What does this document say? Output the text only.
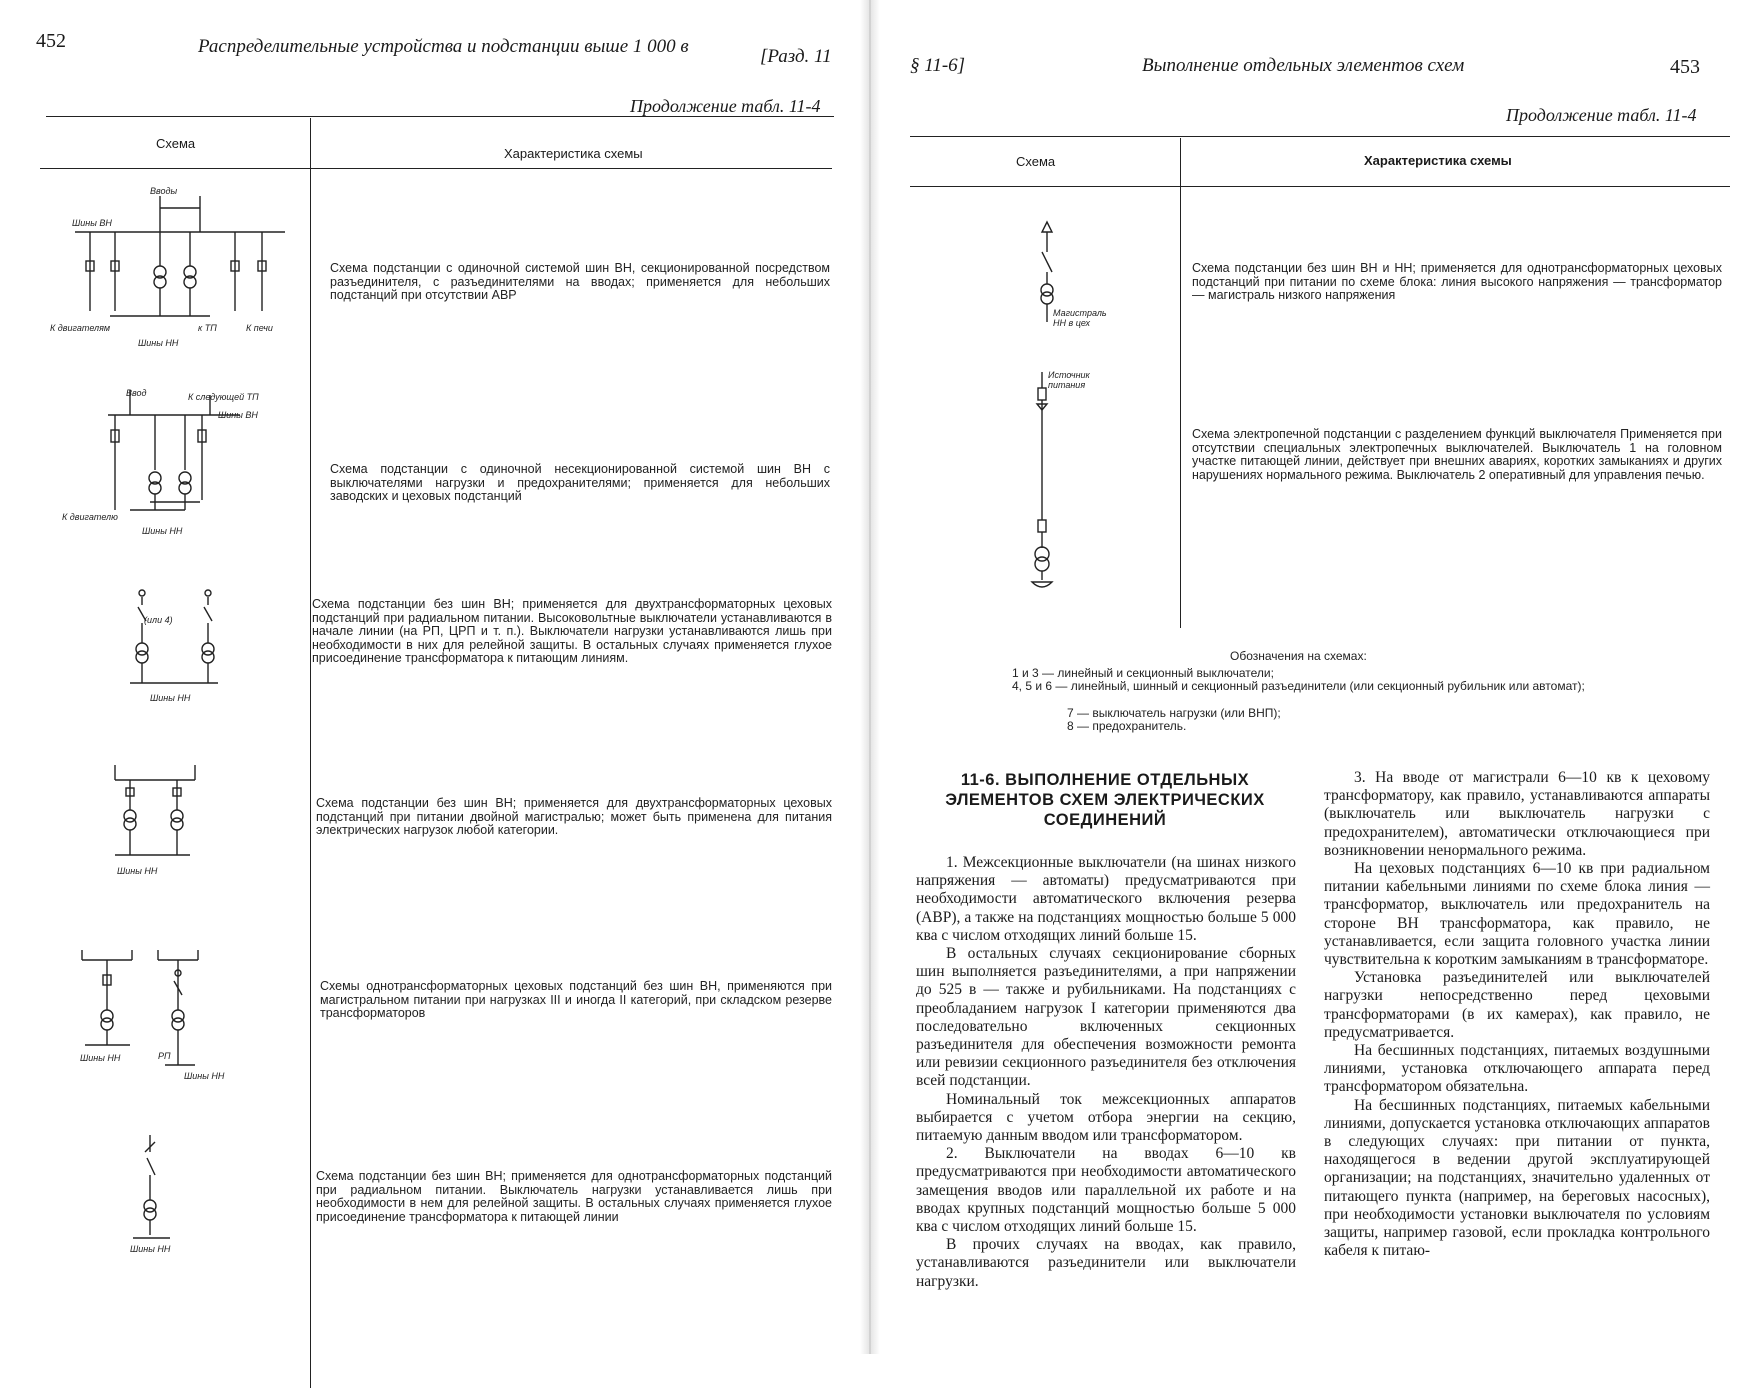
452	Распределительные устройства и подстанции выше 1 000 в	[Разд. 11
Продолжение табл. 11-4
Схема
Характеристика схемы
Вводы
Шины ВН
К двигателям	к ТП	К печи
Шины НН
Схема подстанции с одиночной системой шин ВН, секционированной посредством разъединителя, с разъединителями на вводах; применяется для небольших подстанций при отсутствии АВР
Ввод	К следующей ТП
Шины ВН
К двигателю
Шины НН
Схема подстанции с одиночной несекционированной системой шин ВН с выключателями нагрузки и предохранителями; применяется для небольших заводских и цеховых подстанций
(или 4)
Шины НН
Схема подстанции без шин ВН; применяется для двухтрансформаторных цеховых подстанций при радиальном питании. Высоковольтные выключатели устанавливаются в начале линии (на РП, ЦРП и т. п.). Выключатели нагрузки устанавливаются лишь при необходимости в них для релейной защиты. В остальных случаях применяется глухое присоединение трансформатора к питающим линиям.
Шины НН
Схема подстанции без шин ВН; применяется для двухтрансформаторных цеховых подстанций при питании двойной магистралью; может быть применена для питания электрических нагрузок любой категории.
Шины НН	РП
Шины НН
Схемы однотрансформаторных цеховых подстанций без шин ВН, применяются при магистральном питании при нагрузках III и иногда II категорий, при складском резерве трансформаторов
Шины НН
Схема подстанции без шин ВН; применяется для однотрансформаторных подстанций при радиальном питании. Выключатель нагрузки устанавливается лишь при необходимости в нем для релейной защиты. В остальных случаях применяется глухое присоединение трансформатора к питающей линии
§ 11-6]	Выполнение отдельных элементов схем	453
Продолжение табл. 11-4
Схема	Характеристика схемы
Магистраль
НН в цех
Схема подстанции без шин ВН и НН; применяется для однотрансформаторных цеховых подстанций при питании по схеме блока: линия высокого напряжения — трансформатор — магистраль низкого напряжения
Источник
питания
Схема электропечной подстанции с разделением функций выключателя Применяется при отсутствии специальных электропечных выключателей. Выключатель 1 на головном участке питающей линии, действует при внешних авариях, коротких замыканиях и других нарушениях нормального режима. Выключатель 2 оперативный для управления печью.
Обозначения на схемах:
1 и 3 — линейный и секционный выключатели;
4, 5 и 6 — линейный, шинный и секционный разъединители (или секционный рубильник или автомат);
7 — выключатель нагрузки (или ВНП);
8 — предохранитель.
11-6. ВЫПОЛНЕНИЕ ОТДЕЛЬНЫХ ЭЛЕМЕНТОВ СХЕМ ЭЛЕКТРИЧЕСКИХ СОЕДИНЕНИЙ

1. Межсекционные выключатели (на шинах низкого напряжения — автоматы) предусматриваются при необходимости автоматического включения резерва (АВР), а также на подстанциях мощностью больше 5 000 ква с числом отходящих линий больше 15.

В остальных случаях секционирование сборных шин выполняется разъединителями, а при напряжении до 525 в — также и рубильниками. На подстанциях с преобладанием нагрузок I категории применяются два последовательно включенных секционных разъединителя для обеспечения возможности ремонта или ревизии секционного разъединителя без отключения всей подстанции.

Номинальный ток межсекционных аппаратов выбирается с учетом отбора энергии на секцию, питаемую данным вводом или трансформатором.

2. Выключатели на вводах 6—10 кв предусматриваются при необходимости автоматического замещения вводов или параллельной их работе и на вводах крупных подстанций мощностью больше 5 000 ква с числом отходящих линий больше 15.

В прочих случаях на вводах, как правило, устанавливаются разъединители или выключатели нагрузки.

3. На вводе от магистрали 6—10 кв к цеховому трансформатору, как правило, устанавливаются аппараты (выключатель или выключатель нагрузки с предохранителем), автоматически отключающиеся при возникновении ненормального режима.

На цеховых подстанциях 6—10 кв при радиальном питании кабельными линиями по схеме блока линия — трансформатор, выключатель или предохранитель на стороне ВН трансформатора, как правило, не устанавливается, если защита головного участка линии чувствительна к коротким замыканиям в трансформаторе.

Установка разъединителей или выключателей нагрузки непосредственно перед цеховыми трансформаторами (в их камерах), как правило, не предусматривается.

На бесшинных подстанциях, питаемых воздушными линиями, установка отключающего аппарата перед трансформатором обязательна.

На бесшинных подстанциях, питаемых кабельными линиями, допускается установка отключающих аппаратов в следующих случаях: при питании от пункта, находящегося в ведении другой эксплуатирующей организации; на подстанциях, значительно удаленных от питающего пункта (например, на береговых насосных), при необходимости установки выключателя по условиям защиты, например газовой, если прокладка контрольного кабеля к питаю-
